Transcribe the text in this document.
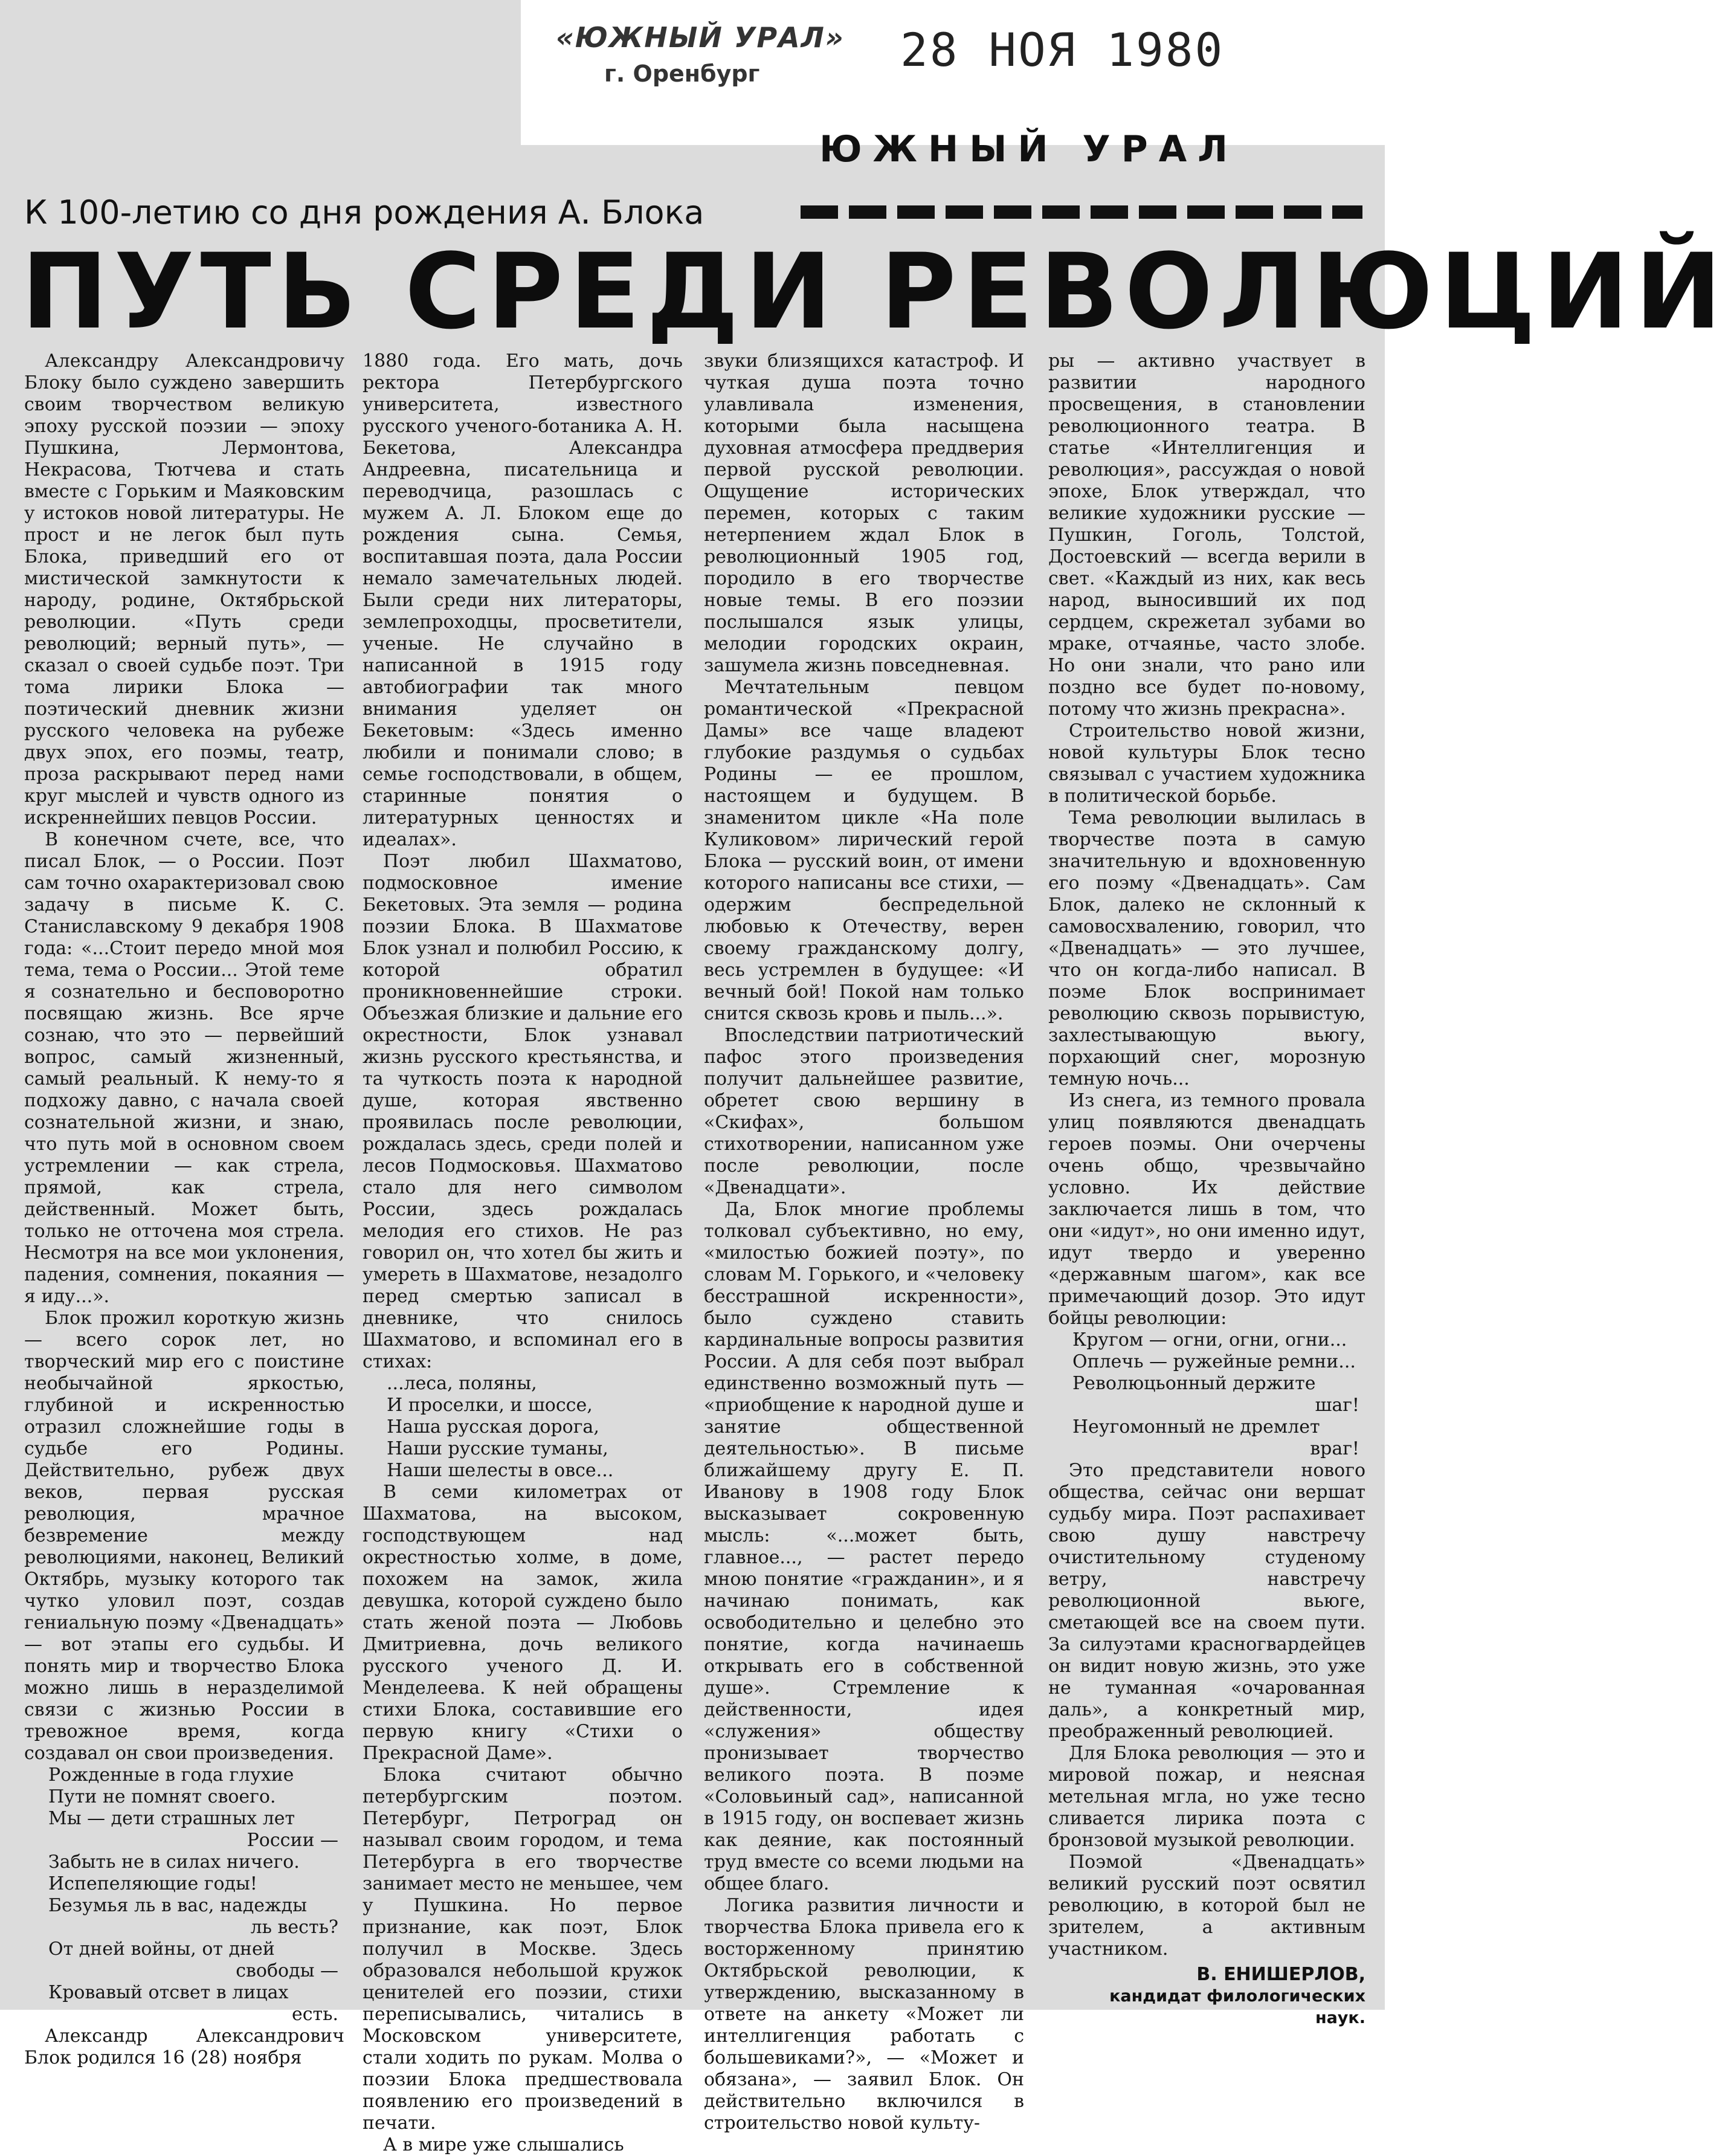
«ЮЖНЫЙ УРАЛ»
г. Оренбург	28 НОЯ 1980
ЮЖНЫЙ УРАЛ
К 100-летию со дня рождения А. Блока
ПУТЬ СРЕДИ РЕВОЛЮЦИЙ

Александру Александровичу Блоку было суждено завершить своим творчеством великую эпоху русской поэзии — эпоху Пушкина, Лермонтова, Некрасова, Тютчева и стать вместе с Горьким и Маяковским у истоков новой литературы. Не прост и не легок был путь Блока, приведший его от мистической замкнутости к народу, родине, Октябрьской революции. «Путь среди революций; верный путь», — сказал о своей судьбе поэт. Три тома лирики Блока — поэтический дневник жизни русского человека на рубеже двух эпох, его поэмы, театр, проза раскрывают перед нами круг мыслей и чувств одного из искреннейших певцов России.

В конечном счете, все, что писал Блок, — о России. Поэт сам точно охарактеризовал свою задачу в письме К. С. Станиславскому 9 декабря 1908 года: «...Стоит передо мной моя тема, тема о России... Этой теме я сознательно и бесповоротно посвящаю жизнь. Все ярче сознаю, что это — первейший вопрос, самый жизненный, самый реальный. К нему-то я подхожу давно, с начала своей сознательной жизни, и знаю, что путь мой в основном своем устремлении — как стрела, прямой, как стрела, действенный. Может быть, только не отточена моя стрела. Несмотря на все мои уклонения, падения, сомнения, покаяния — я иду...».

Блок прожил короткую жизнь — всего сорок лет, но творческий мир его с поистине необычайной яркостью, глубиной и искренностью отразил сложнейшие годы в судьбе его Родины. Действительно, рубеж двух веков, первая русская революция, мрачное безвремение между революциями, наконец, Великий Октябрь, музыку которого так чутко уловил поэт, создав гениальную поэму «Двенадцать» — вот этапы его судьбы. И понять мир и творчество Блока можно лишь в неразделимой связи с жизнью России в тревожное время, когда создавал он свои произведения.

Рожденные в года глухие

Пути не помнят своего.

Мы — дети страшных лет

России —

Забыть не в силах ничего.

Испепеляющие годы!

Безумья ль в вас, надежды

ль весть?

От дней войны, от дней

свободы —

Кровавый отсвет в лицах

есть.

Александр Александрович Блок родился 16 (28) ноября

1880 года. Его мать, дочь ректора Петербургского университета, известного русского ученого-ботаника А. Н. Бекетова, Александра Андреевна, писательница и переводчица, разошлась с мужем А. Л. Блоком еще до рождения сына. Семья, воспитавшая поэта, дала России немало замечательных людей. Были среди них литераторы, землепроходцы, просветители, ученые. Не случайно в написанной в 1915 году автобиографии так много внимания уделяет он Бекетовым: «Здесь именно любили и понимали слово; в семье господствовали, в общем, старинные понятия о литературных ценностях и идеалах».

Поэт любил Шахматово, подмосковное имение Бекетовых. Эта земля — родина поэзии Блока. В Шахматове Блок узнал и полюбил Россию, к которой обратил проникновеннейшие строки. Объезжая близкие и дальние его окрестности, Блок узнавал жизнь русского крестьянства, и та чуткость поэта к народной душе, которая явственно проявилась после революции, рождалась здесь, среди полей и лесов Подмосковья. Шахматово стало для него символом России, здесь рождалась мелодия его стихов. Не раз говорил он, что хотел бы жить и умереть в Шахматове, незадолго перед смертью записал в дневнике, что снилось Шахматово, и вспоминал его в стихах:

...леса, поляны,

И проселки, и шоссе,

Наша русская дорога,

Наши русские туманы,

Наши шелесты в овсе...

В семи километрах от Шахматова, на высоком, господствующем над окрестностью холме, в доме, похожем на замок, жила девушка, которой суждено было стать женой поэта — Любовь Дмитриевна, дочь великого русского ученого Д. И. Менделеева. К ней обращены стихи Блока, составившие его первую книгу «Стихи о Прекрасной Даме».

Блока считают обычно петербургским поэтом. Петербург, Петроград он называл своим городом, и тема Петербурга в его творчестве занимает место не меньшее, чем у Пушкина. Но первое признание, как поэт, Блок получил в Москве. Здесь образовался небольшой кружок ценителей его поэзии, стихи переписывались, читались в Московском университете, стали ходить по рукам. Молва о поэзии Блока предшествовала появлению его произведений в печати.

А в мире уже слышались

звуки близящихся катастроф. И чуткая душа поэта точно улавливала изменения, которыми была насыщена духовная атмосфера преддверия первой русской революции. Ощущение исторических перемен, которых с таким нетерпением ждал Блок в революционный 1905 год, породило в его творчестве новые темы. В его поэзии послышался язык улицы, мелодии городских окраин, зашумела жизнь повседневная.

Мечтательным певцом романтической «Прекрасной Дамы» все чаще владеют глубокие раздумья о судьбах Родины — ее прошлом, настоящем и будущем. В знаменитом цикле «На поле Куликовом» лирический герой Блока — русский воин, от имени которого написаны все стихи, — одержим беспредельной любовью к Отечеству, верен своему гражданскому долгу, весь устремлен в будущее: «И вечный бой! Покой нам только снится сквозь кровь и пыль...».

Впоследствии патриотический пафос этого произведения получит дальнейшее развитие, обретет свою вершину в «Скифах», большом стихотворении, написанном уже после революции, после «Двенадцати».

Да, Блок многие проблемы толковал субъективно, но ему, «милостью божией поэту», по словам М. Горького, и «человеку бесстрашной искренности», было суждено ставить кардинальные вопросы развития России. А для себя поэт выбрал единственно возможный путь — «приобщение к народной душе и занятие общественной деятельностью». В письме ближайшему другу Е. П. Иванову в 1908 году Блок высказывает сокровенную мысль: «...может быть, главное..., — растет передо мною понятие «гражданин», и я начинаю понимать, как освободительно и целебно это понятие, когда начинаешь открывать его в собственной душе». Стремление к действенности, идея «служения» обществу пронизывает творчество великого поэта. В поэме «Соловьиный сад», написанной в 1915 году, он воспевает жизнь как деяние, как постоянный труд вместе со всеми людьми на общее благо.

Логика развития личности и творчества Блока привела его к восторженному принятию Октябрьской революции, к утверждению, высказанному в ответе на анкету «Может ли интеллигенция работать с большевиками?», — «Может и обязана», — заявил Блок. Он действительно включился в строительство новой культу-

ры — активно участвует в развитии народного просвещения, в становлении революционного театра. В статье «Интеллигенция и революция», рассуждая о новой эпохе, Блок утверждал, что великие художники русские — Пушкин, Гоголь, Толстой, Достоевский — всегда верили в свет. «Каждый из них, как весь народ, выносивший их под сердцем, скрежетал зубами во мраке, отчаянье, часто злобе. Но они знали, что рано или поздно все будет по-новому, потому что жизнь прекрасна».

Строительство новой жизни, новой культуры Блок тесно связывал с участием художника в политической борьбе.

Тема революции вылилась в творчестве поэта в самую значительную и вдохновенную его поэму «Двенадцать». Сам Блок, далеко не склонный к самовосхвалению, говорил, что «Двенадцать» — это лучшее, что он когда-либо написал. В поэме Блок воспринимает революцию сквозь порывистую, захлестывающую вьюгу, порхающий снег, морозную темную ночь...

Из снега, из темного провала улиц появляются двенадцать героев поэмы. Они очерчены очень общо, чрезвычайно условно. Их действие заключается лишь в том, что они «идут», но они именно идут, идут твердо и уверенно «державным шагом», как все примечающий дозор. Это идут бойцы революции:

Кругом — огни, огни, огни...

Оплечь — ружейные ремни...

Революцьонный держите

шаг!

Неугомонный не дремлет

враг!

Это представители нового общества, сейчас они вершат судьбу мира. Поэт распахивает свою душу навстречу очистительному студеному ветру, навстречу революционной вьюге, сметающей все на своем пути. За силуэтами красногвардейцев он видит новую жизнь, это уже не туманная «очарованная даль», а конкретный мир, преображенный революцией.

Для Блока революция — это и мировой пожар, и неясная метельная мгла, но уже тесно сливается лирика поэта с бронзовой музыкой революции.

Поэмой «Двенадцать» великий русский поэт освятил революцию, в которой был не зрителем, а активным участником.

В. ЕНИШЕРЛОВ,
кандидат филологических наук.
